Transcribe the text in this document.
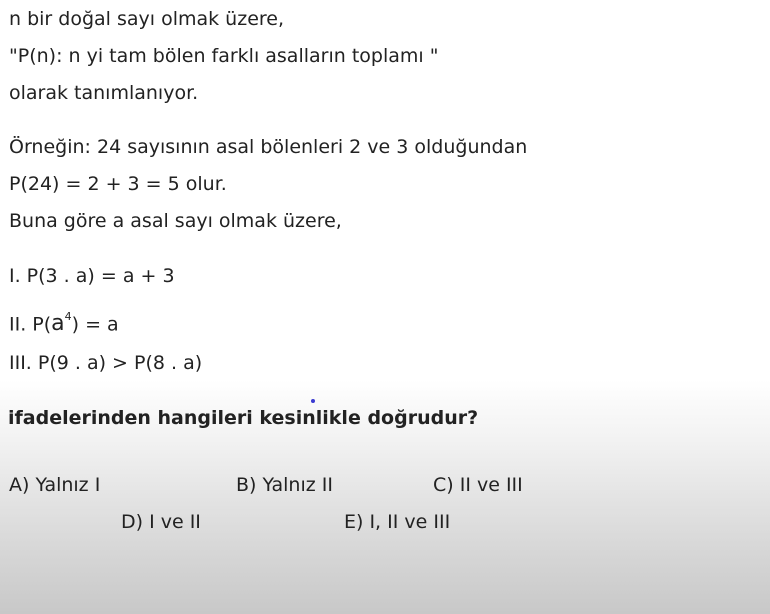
n bir doğal sayı olmak üzere,
"P(n): n yi tam bölen farklı asalların toplamı "
olarak tanımlanıyor.
Örneğin: 24 sayısının asal bölenleri 2 ve 3 olduğundan
P(24) = 2 + 3 = 5 olur.
Buna göre a asal sayı olmak üzere,
I. P(3 . a) = a + 3
II. $P(a^4) = a$
III. P(9 . a) > P(8 . a)
ifadelerinden hangileri kesinlikle doğrudur?
A) Yalnız I	B) Yalnız II	C) II ve III
D) I ve II	E) I, II ve III
